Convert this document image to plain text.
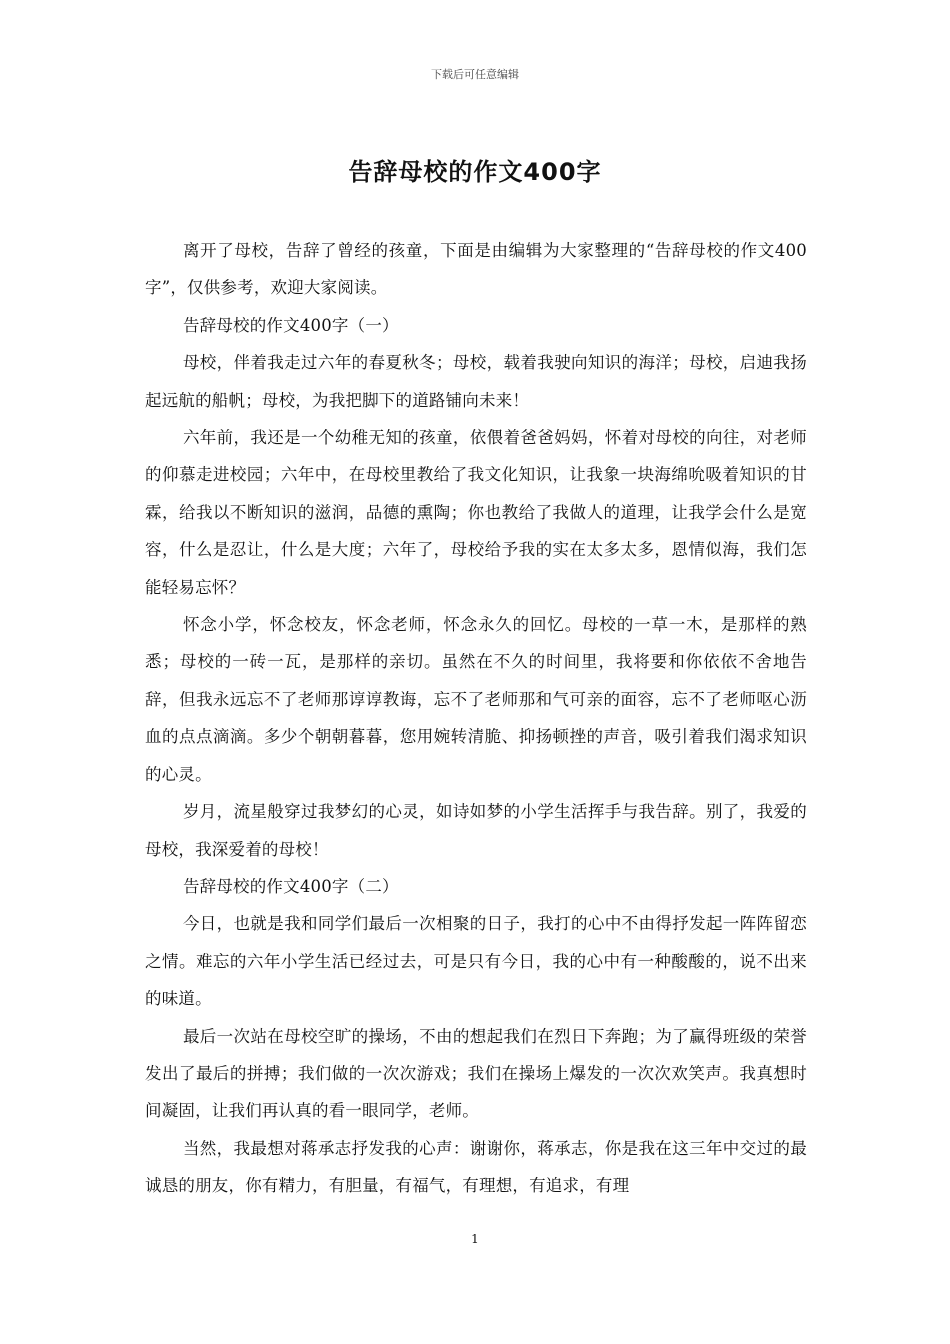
下载后可任意编辑
告辞母校的作文400字

离开了母校，告辞了曾经的孩童，下面是由编辑为大家整理的“告辞母校的作文400字”，仅供参考，欢迎大家阅读。

告辞母校的作文400字（一）

母校，伴着我走过六年的春夏秋冬；母校，载着我驶向知识的海洋；母校，启迪我扬起远航的船帆；母校，为我把脚下的道路铺向未来！

六年前，我还是一个幼稚无知的孩童，依偎着爸爸妈妈，怀着对母校的向往，对老师的仰慕走进校园；六年中，在母校里教给了我文化知识，让我象一块海绵吮吸着知识的甘霖，给我以不断知识的滋润，品德的熏陶；你也教给了我做人的道理，让我学会什么是宽容，什么是忍让，什么是大度；六年了，母校给予我的实在太多太多，恩情似海，我们怎能轻易忘怀？

怀念小学，怀念校友，怀念老师，怀念永久的回忆。母校的一草一木，是那样的熟悉；母校的一砖一瓦，是那样的亲切。虽然在不久的时间里，我将要和你依依不舍地告辞，但我永远忘不了老师那谆谆教诲，忘不了老师那和气可亲的面容，忘不了老师呕心沥血的点点滴滴。多少个朝朝暮暮，您用婉转清脆、抑扬顿挫的声音，吸引着我们渴求知识的心灵。

岁月，流星般穿过我梦幻的心灵，如诗如梦的小学生活挥手与我告辞。别了，我爱的母校，我深爱着的母校！

告辞母校的作文400字（二）

今日，也就是我和同学们最后一次相聚的日子，我打的心中不由得抒发起一阵阵留恋之情。难忘的六年小学生活已经过去，可是只有今日，我的心中有一种酸酸的，说不出来的味道。

最后一次站在母校空旷的操场，不由的想起我们在烈日下奔跑；为了赢得班级的荣誉发出了最后的拼搏；我们做的一次次游戏；我们在操场上爆发的一次次欢笑声。我真想时间凝固，让我们再认真的看一眼同学，老师。

当然，我最想对蒋承志抒发我的心声：谢谢你，蒋承志，你是我在这三年中交过的最诚恳的朋友，你有精力，有胆量，有福气，有理想，有追求，有理

1
